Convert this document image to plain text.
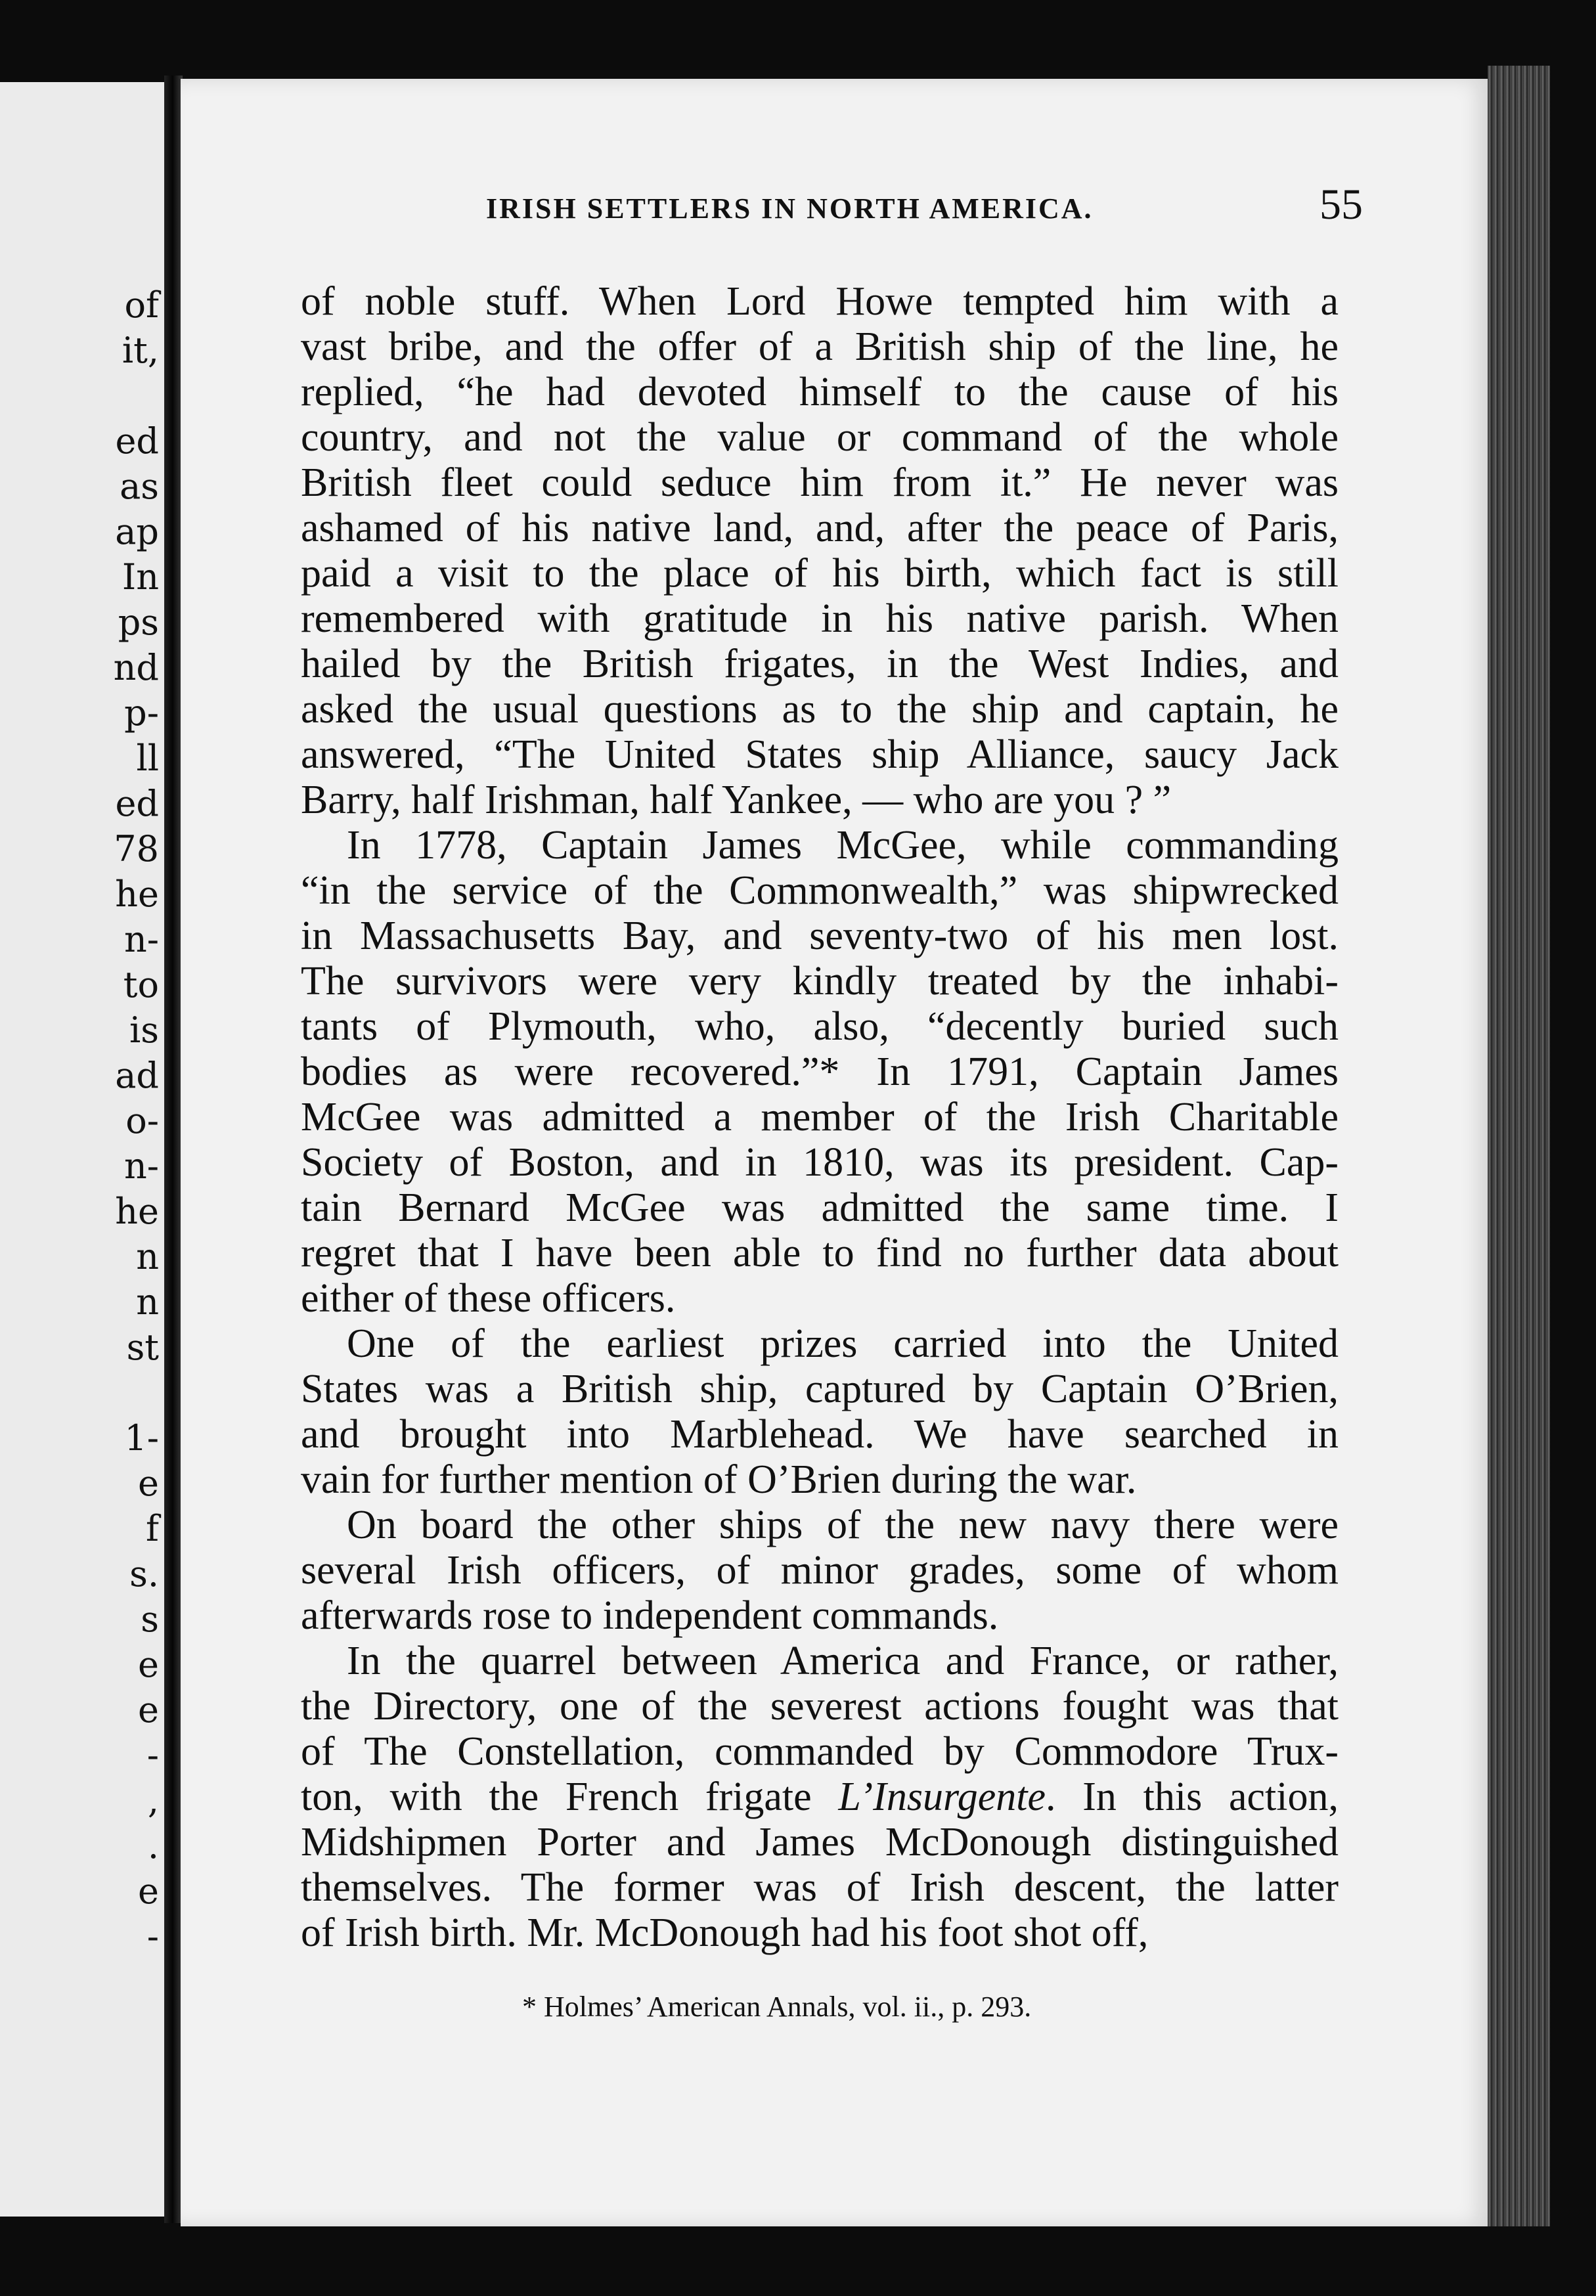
of
it,
ed
as
ap
In
ps
nd
p-
ll
ed
78
he
n-
to
is
ad
o-
n-
he
n
n
st
1-
e
f
s.
s
e
e
-
,
.
e
-
IRISH SETTLERS IN NORTH AMERICA.	55
of noble stuff. When Lord Howe tempted him with a
vast bribe, and the offer of a British ship of the line, he
replied, “he had devoted himself to the cause of his
country, and not the value or command of the whole
British fleet could seduce him from it.” He never was
ashamed of his native land, and, after the peace of Paris,
paid a visit to the place of his birth, which fact is still
remembered with gratitude in his native parish. When
hailed by the British frigates, in the West Indies, and
asked the usual questions as to the ship and captain, he
answered, “The United States ship Alliance, saucy Jack
Barry, half Irishman, half Yankee, — who are you ? ”
In 1778, Captain James McGee, while commanding
“in the service of the Commonwealth,” was shipwrecked
in Massachusetts Bay, and seventy-two of his men lost.
The survivors were very kindly treated by the inhabi-
tants of Plymouth, who, also, “decently buried such
bodies as were recovered.”* In 1791, Captain James
McGee was admitted a member of the Irish Charitable
Society of Boston, and in 1810, was its president. Cap-
tain Bernard McGee was admitted the same time. I
regret that I have been able to find no further data about
either of these officers.
One of the earliest prizes carried into the United
States was a British ship, captured by Captain O’Brien,
and brought into Marblehead. We have searched in
vain for further mention of O’Brien during the war.
On board the other ships of the new navy there were
several Irish officers, of minor grades, some of whom
afterwards rose to independent commands.
In the quarrel between America and France, or rather,
the Directory, one of the severest actions fought was that
of The Constellation, commanded by Commodore Trux-
ton, with the French frigate L’Insurgente. In this action,
Midshipmen Porter and James McDonough distinguished
themselves. The former was of Irish descent, the latter
of Irish birth. Mr. McDonough had his foot shot off,
* Holmes’ American Annals, vol. ii., p. 293.
